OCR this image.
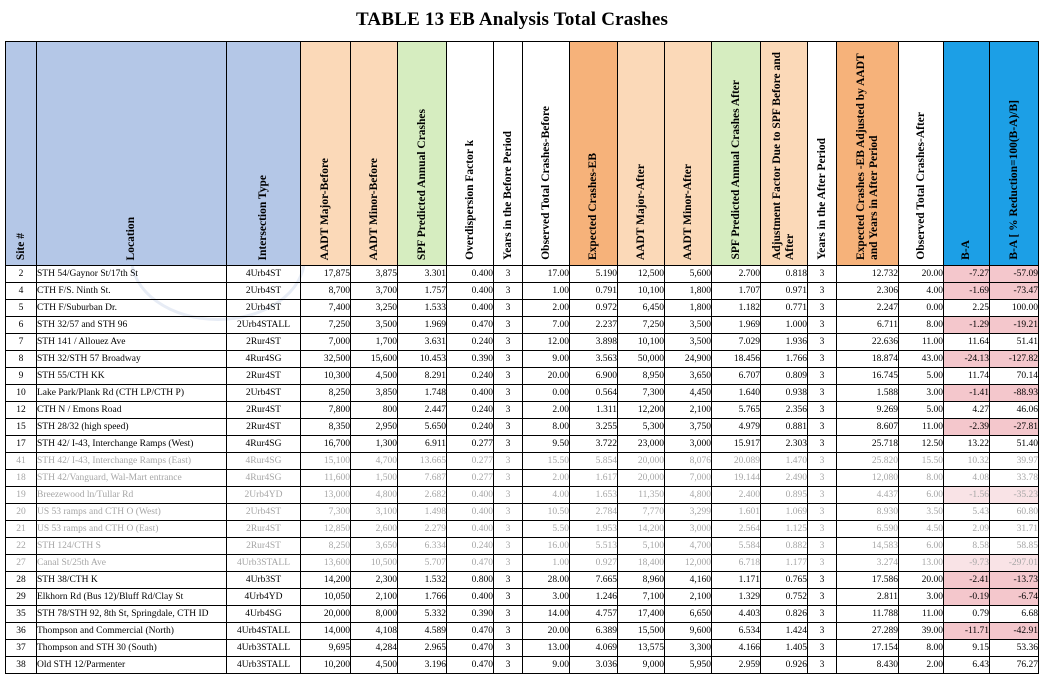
TABLE 13 EB Analysis Total Crashes
Site #	Location	Intersection Type	AADT Major-Before	AADT Minor-Before	SPF Predicted Annual Crashes	Overdispersion Factor k	Years in the Before Period	Observed Total Crashes-Before	Expected Crashes-EB	AADT Major-After	AADT Minor-After	SPF Predicted Annual Crashes After	Adjustment Factor Due to SPF Before and After	Years in the After Period	Expected Crashes -EB Adjusted by AADT and Years in After Period	Observed Total Crashes-After	B-A	B-A [ % Reduction=100(B-A)/B]
2	STH 54/Gaynor St/17th St	4Urb4ST	17,875	3,875	3.301	0.400	3	17.00	5.190	12,500	5,600	2.700	0.818	3	12.732	20.00	-7.27	-57.09
4	CTH F/S. Ninth St.	2Urb4ST	8,700	3,700	1.757	0.400	3	1.00	0.791	10,100	1,800	1.707	0.971	3	2.306	4.00	-1.69	-73.47
5	CTH F/Suburban Dr.	2Urb4ST	7,400	3,250	1.533	0.400	3	2.00	0.972	6,450	1,800	1.182	0.771	3	2.247	0.00	2.25	100.00
6	STH 32/57 and STH 96	2Urb4STALL	7,250	3,500	1.969	0.470	3	7.00	2.237	7,250	3,500	1.969	1.000	3	6.711	8.00	-1.29	-19.21
7	STH 141 / Allouez Ave	2Rur4ST	7,000	1,700	3.631	0.240	3	12.00	3.898	10,100	3,500	7.029	1.936	3	22.636	11.00	11.64	51.41
8	STH 32/STH 57 Broadway	4Rur4SG	32,500	15,600	10.453	0.390	3	9.00	3.563	50,000	24,900	18.456	1.766	3	18.874	43.00	-24.13	-127.82
9	STH 55/CTH KK	2Rur4ST	10,300	4,500	8.291	0.240	3	20.00	6.900	8,950	3,650	6.707	0.809	3	16.745	5.00	11.74	70.14
10	Lake Park/Plank Rd (CTH LP/CTH P)	2Urb4ST	8,250	3,850	1.748	0.400	3	0.00	0.564	7,300	4,450	1.640	0.938	3	1.588	3.00	-1.41	-88.93
12	CTH N / Emons Road	2Rur4ST	7,800	800	2.447	0.240	3	2.00	1.311	12,200	2,100	5.765	2.356	3	9.269	5.00	4.27	46.06
15	STH 28/32 (high speed)	2Rur4ST	8,350	2,950	5.650	0.240	3	8.00	3.255	5,300	3,750	4.979	0.881	3	8.607	11.00	-2.39	-27.81
17	STH 42/ I-43, Interchange Ramps (West)	4Rur4SG	16,700	1,300	6.911	0.277	3	9.50	3.722	23,000	3,000	15.917	2.303	3	25.718	12.50	13.22	51.40
41	STH 42/ I-43, Interchange Ramps (East)	4Rur4SG	15,100	4,700	13.665	0.277	3	15.50	5.854	20,000	8,076	20.089	1.470	3	25.820	15.50	10.32	39.97
18	STH 42/Vanguard, Wal-Mart entrance	4Rur4SG	11,600	1,500	7.687	0.277	3	2.00	1.617	20,000	7,000	19.144	2.490	3	12,080	8.00	4.08	33.78
19	Breezewood ln/Tullar Rd	2Urb4YD	13,000	4,800	2.682	0.400	3	4.00	1.653	11,350	4,800	2.400	0.895	3	4.437	6.00	-1.56	-35.23
20	US 53 ramps and CTH O (West)	2Urb4ST	7,300	3,100	1.498	0.400	3	10.50	2.784	7,770	3,299	1.601	1.069	3	8.930	3.50	5.43	60.80
21	US 53 ramps and CTH O (East)	2Rur4ST	12,850	2,600	2.279	0.400	3	5.50	1.953	14,200	3,000	2.564	1.125	3	6.590	4.50	2.09	31.71
22	STH 124/CTH S	2Rur4ST	8,250	3,650	6.334	0.240	3	16.00	5.513	5,100	4,700	5.584	0.882	3	14,583	6.00	8.58	58.85
27	Canal St/25th Ave	4Urb3STALL	13,600	10,500	5.707	0.470	3	1.00	0.927	18,400	12,000	6.718	1.177	3	3.274	13.00	-9.73	-297.01
28	STH 38/CTH K	4Urb3ST	14,200	2,300	1.532	0.800	3	28.00	7.665	8,960	4,160	1.171	0.765	3	17.586	20.00	-2.41	-13.73
29	Elkhorn Rd (Bus 12)/Bluff Rd/Clay St	4Urb4YD	10,050	2,100	1.766	0.400	3	3.00	1.246	7,100	2,100	1.329	0.752	3	2.811	3.00	-0.19	-6.74
35	STH 78/STH 92, 8th St, Springdale, CTH ID	4Urb4SG	20,000	8,000	5.332	0.390	3	14.00	4.757	17,400	6,650	4.403	0.826	3	11.788	11.00	0.79	6.68
36	Thompson and Commercial (North)	4Urb4STALL	14,000	4,108	4.589	0.470	3	20.00	6.389	15,500	9,600	6.534	1.424	3	27.289	39.00	-11.71	-42.91
37	Thompson and STH 30 (South)	4Urb3STALL	9,695	4,284	2.965	0.470	3	13.00	4.069	13,575	3,300	4.166	1.405	3	17.154	8.00	9.15	53.36
38	Old STH 12/Parmenter	4Urb3STALL	10,200	4,500	3.196	0.470	3	9.00	3.036	9,000	5,950	2.959	0.926	3	8.430	2.00	6.43	76.27
